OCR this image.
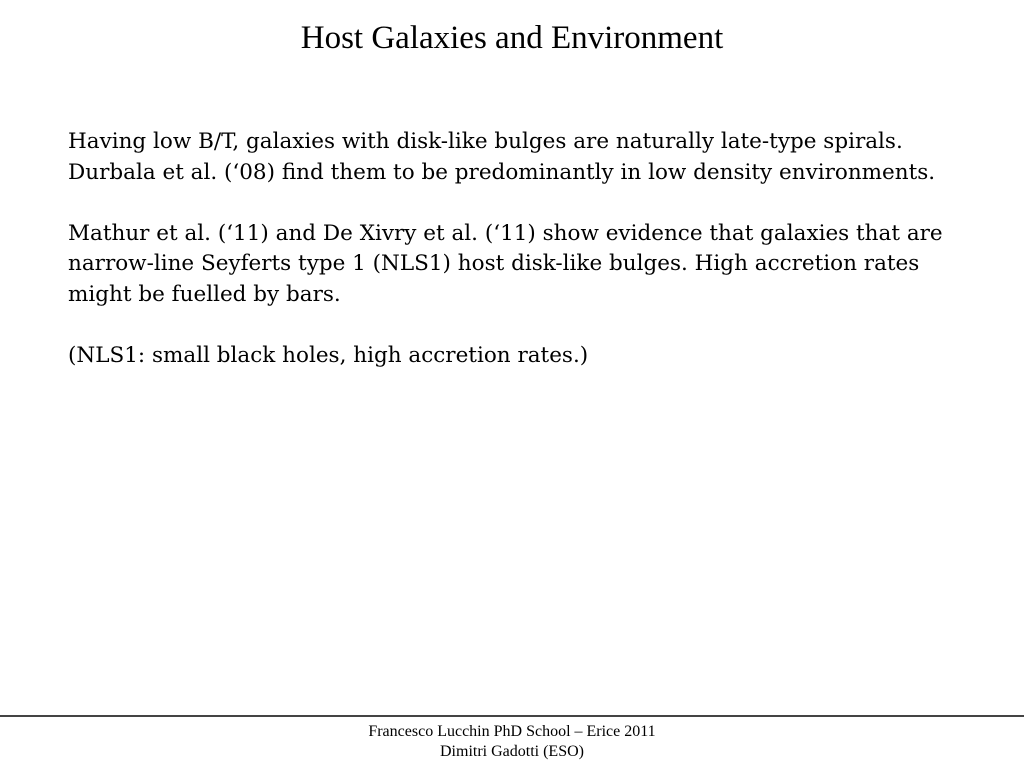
Host Galaxies and Environment

Having low B/T, galaxies with disk-like bulges are naturally late-type spirals. Durbala et al. (‘08) find them to be predominantly in low density environments.

Mathur et al. (‘11) and De Xivry et al. (‘11) show evidence that galaxies that are narrow-line Seyferts type 1 (NLS1) host disk-like bulges. High accretion rates might be fuelled by bars.

(NLS1: small black holes, high accretion rates.)

Francesco Lucchin PhD School – Erice 2011
Dimitri Gadotti (ESO)
